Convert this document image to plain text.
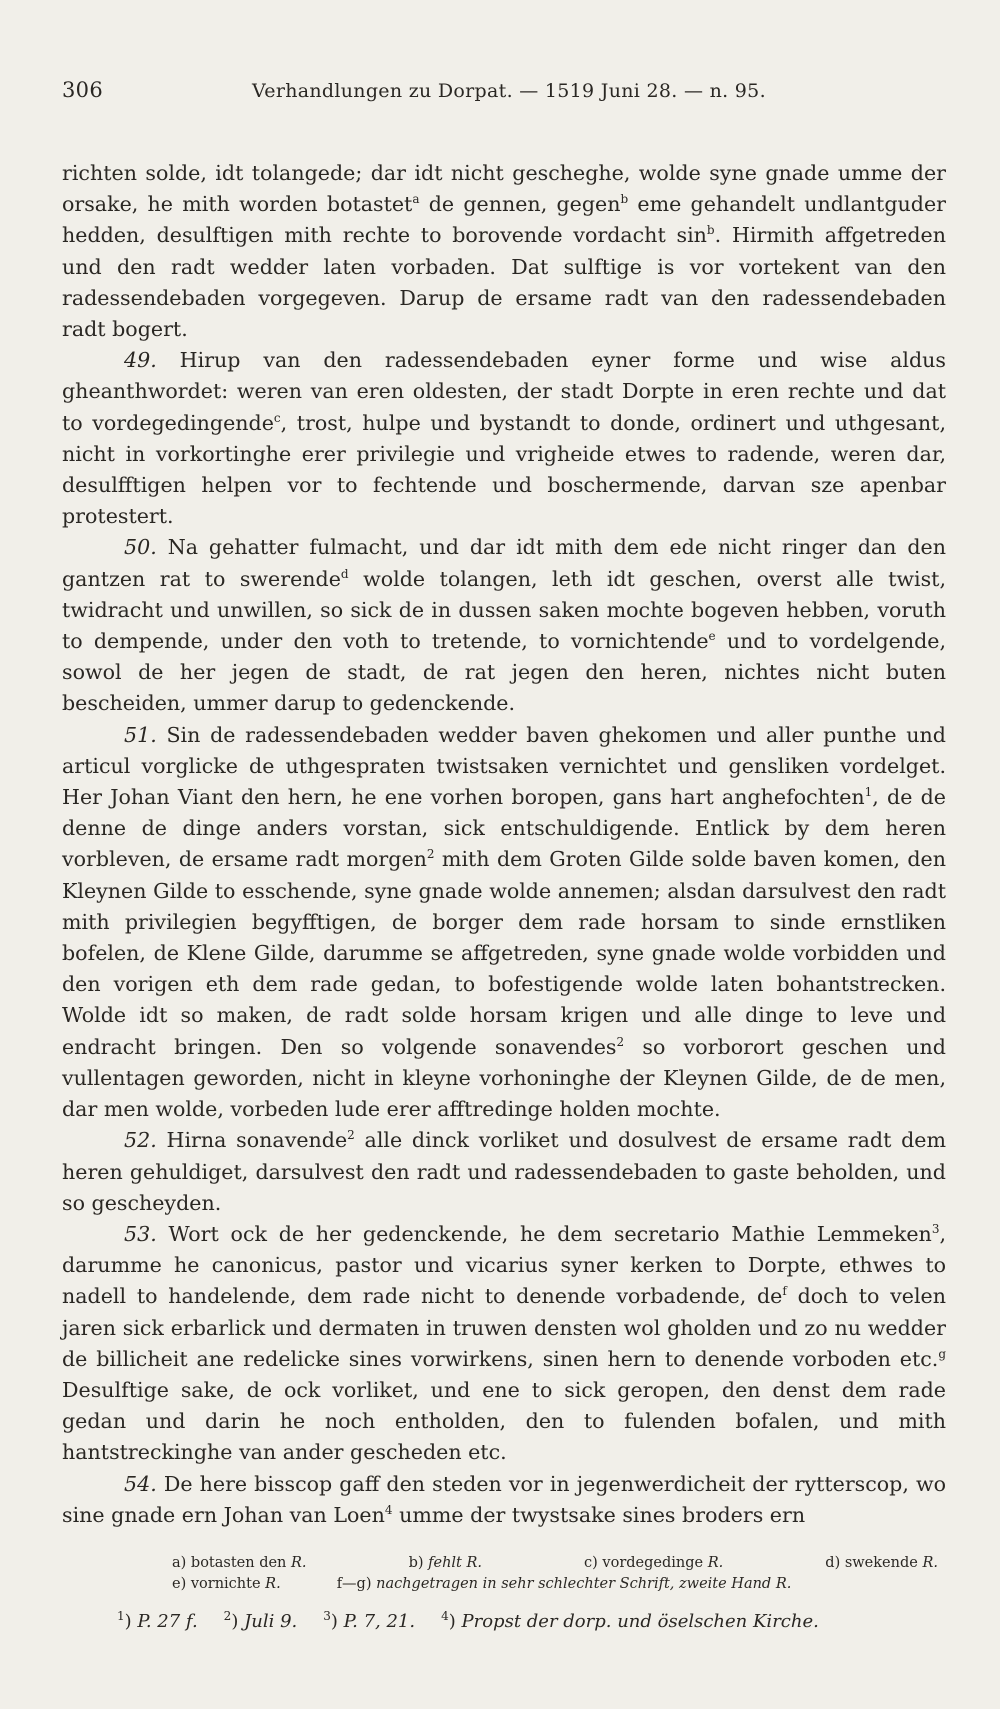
306	Verhandlungen zu Dorpat. — 1519 Juni 28. — n. 95.

richten solde, idt tolangede; dar idt nicht gescheghe, wolde syne gnade umme der orsake, he mith worden botastet$^a$ de gennen, gegen$^b$ eme gehandelt undlantguder hedden, desulftigen mith rechte to borovende vordacht $\sin^b$. Hirmith affgetreden und den radt wedder laten vorbaden. Dat sulftige is vor vortekent van den radessendebaden vorgegeven. Darup de ersame radt van den radessendebaden radt bogert.

49. Hirup van den radessendebaden eyner forme und wise aldus gheanthwordet: weren van eren oldesten, der stadt Dorpte in eren rechte und dat to vordegedingende$^c$, trost, hulpe und bystandt to donde, ordinert und uthgesant, nicht in vorkortinghe erer privilegie und vrigheide etwes to radende, weren dar, desulfftigen helpen vor to fechtende und boschermende, darvan sze apenbar protestert.

50. Na gehatter fulmacht, und dar idt mith dem ede nicht ringer dan den gantzen rat to swerende$^d$ wolde tolangen, leth idt geschen, overst alle twist, twidracht und unwillen, so sick de in dussen saken mochte bogeven hebben, voruth to dempende, under den voth to tretende, to vornichtende$^e$ und to vordelgende, sowol de her jegen de stadt, de rat jegen den heren, nichtes nicht buten bescheiden, ummer darup to gedenckende.

51. Sin de radessendebaden wedder baven ghekomen und aller punthe und articul vorglicke de uthgespraten twistsaken vernichtet und gensliken vordelget. Her Johan Viant den hern, he ene vorhen boropen, gans hart anghefochten$^1$, de de denne de dinge anders vorstan, sick entschuldigende. Entlick by dem heren vorbleven, de ersame radt morgen$^2$ mith dem Groten Gilde solde baven komen, den Kleynen Gilde to esschende, syne gnade wolde annemen; alsdan darsulvest den radt mith privilegien begyfftigen, de borger dem rade horsam to sinde ernstliken bofelen, de Klene Gilde, darumme se affgetreden, syne gnade wolde vorbidden und den vorigen eth dem rade gedan, to bofestigende wolde laten bohantstrecken. Wolde idt so maken, de radt solde horsam krigen und alle dinge to leve und endracht bringen. Den so volgende sonavendes$^2$ so vorborort geschen und vullentagen geworden, nicht in kleyne vorhoninghe der Kleynen Gilde, de de men, dar men wolde, vorbeden lude erer afftredinge holden mochte.

52. Hirna sonavende$^2$ alle dinck vorliket und dosulvest de ersame radt dem heren gehuldiget, darsulvest den radt und radessendebaden to gaste beholden, und so gescheyden.

53. Wort ock de her gedenckende, he dem secretario Mathie Lemmeken$^3$, darumme he canonicus, pastor und vicarius syner kerken to Dorpte, ethwes to nadell to handelende, dem rade nicht to denende vorbadende, $de^f$ doch to velen jaren sick erbarlick und dermaten in truwen densten wol gholden und zo nu wedder de billicheit ane redelicke sines vorwirkens, sinen hern to denende vorboden etc.$^g$ Desulftige sake, de ock vorliket, und ene to sick geropen, den denst dem rade gedan und darin he noch entholden, den to fulenden bofalen, und mith hantstreckinghe van ander gescheden etc.

54. De here bisscop gaff den steden vor in jegenwerdicheit der rytterscop, wo sine gnade ern Johan van Loen$^4$ umme der twystsake sines broders ern

a) botasten den R.	b) fehlt R.	c) vordegedinge R.	d) swekende R.
e) vornichte R.	f—g) nachgetragen in sehr schlechter Schrift, zweite Hand R.
$^1$) P. 27 f. $^2$) Juli 9. $^3$) P. 7, 21. $^4$) Propst der dorp. und öselschen Kirche.
